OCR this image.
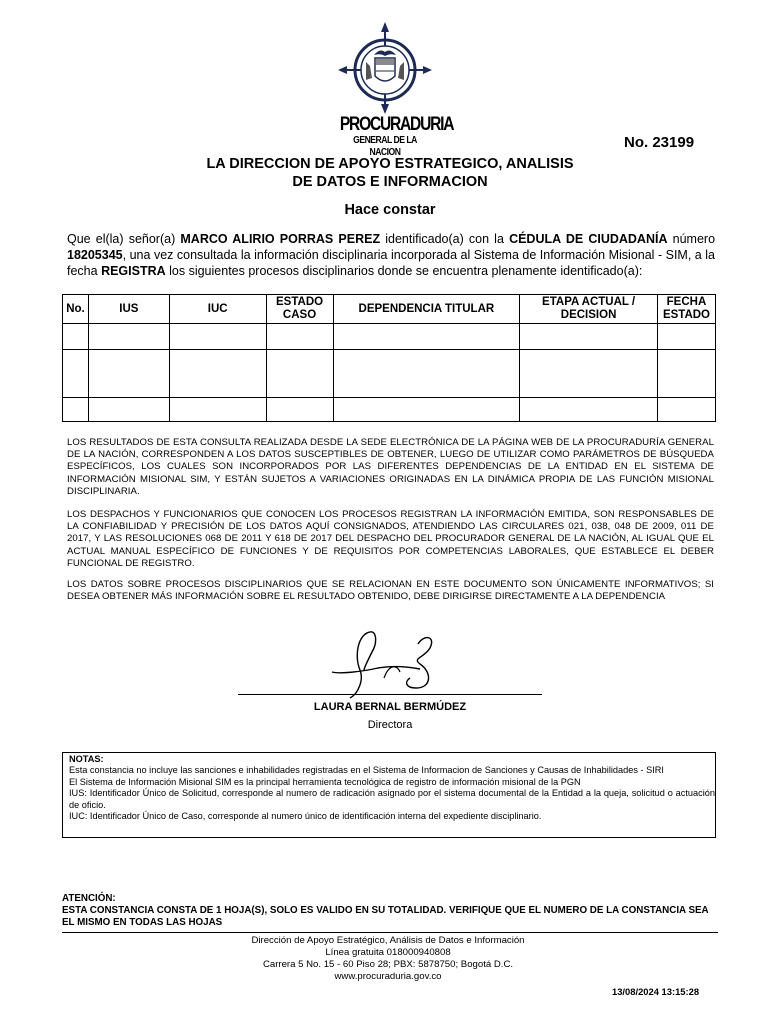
PROCURADURIA
GENERAL DE LA NACION
No. 23199
LA DIRECCION DE APOYO ESTRATEGICO, ANALISIS
DE DATOS E INFORMACION
Hace constar
Que el(la) señor(a) MARCO ALIRIO PORRAS PEREZ identificado(a) con la CÉDULA DE CIUDADANÍA número 18205345, una vez consultada la información disciplinaria incorporada al Sistema de Información Misional - SIM, a la fecha REGISTRA los siguientes procesos disciplinarios donde se encuentra plenamente identificado(a):
No.	IUS	IUC	ESTADO CASO	DEPENDENCIA TITULAR	ETAPA ACTUAL / DECISION	FECHA ESTADO

LOS RESULTADOS DE ESTA CONSULTA REALIZADA DESDE LA SEDE ELECTRÓNICA DE LA PÁGINA WEB DE LA PROCURADURÍA GENERAL DE LA NACIÓN, CORRESPONDEN A LOS DATOS SUSCEPTIBLES DE OBTENER, LUEGO DE UTILIZAR COMO PARÁMETROS DE BÚSQUEDA ESPECÍFICOS, LOS CUALES SON INCORPORADOS POR LAS DIFERENTES DEPENDENCIAS DE LA ENTIDAD EN EL SISTEMA DE INFORMACIÓN MISIONAL SIM, Y ESTÁN SUJETOS A VARIACIONES ORIGINADAS EN LA DINÁMICA PROPIA DE LAS FUNCIÓN MISIONAL DISCIPLINARIA.
LOS DESPACHOS Y FUNCIONARIOS QUE CONOCEN LOS PROCESOS REGISTRAN LA INFORMACIÓN EMITIDA, SON RESPONSABLES DE LA CONFIABILIDAD Y PRECISIÓN DE LOS DATOS AQUÍ CONSIGNADOS, ATENDIENDO LAS CIRCULARES 021, 038, 048 DE 2009, 011 DE 2017, Y LAS RESOLUCIONES 068 DE 2011 Y 618 DE 2017 DEL DESPACHO DEL PROCURADOR GENERAL DE LA NACIÓN, AL IGUAL QUE EL ACTUAL MANUAL ESPECÍFICO DE FUNCIONES Y DE REQUISITOS POR COMPETENCIAS LABORALES, QUE ESTABLECE EL DEBER FUNCIONAL DE REGISTRO.
LOS DATOS SOBRE PROCESOS DISCIPLINARIOS QUE SE RELACIONAN EN ESTE DOCUMENTO SON ÚNICAMENTE INFORMATIVOS; SI DESEA OBTENER MÁS INFORMACIÓN SOBRE EL RESULTADO OBTENIDO, DEBE DIRIGIRSE DIRECTAMENTE A LA DEPENDENCIA
LAURA BERNAL BERMÚDEZ
Directora
NOTAS:

Esta constancia no incluye las sanciones e inhabilidades registradas en el Sistema de Informacion de Sanciones y Causas de Inhabilidades - SIRI

El Sistema de Información Misional SIM es la principal herramienta tecnológica de registro de información misional de la PGN

IUS: Identificador Único de Solicitud, corresponde al numero de radicación asignado por el sistema documental de la Entidad a la queja, solicitud o actuación de oficio.

IUC: Identificador Único de Caso, corresponde al numero único de identificación interna del expediente disciplinario.

ATENCIÓN:
ESTA CONSTANCIA CONSTA DE 1 HOJA(S), SOLO ES VALIDO EN SU TOTALIDAD. VERIFIQUE QUE EL NUMERO DE LA CONSTANCIA SEA EL MISMO EN TODAS LAS HOJAS
Dirección de Apoyo Estratégico, Análisis de Datos e Información
Línea gratuita 018000940808
Carrera 5 No. 15 - 60 Piso 28; PBX: 5878750; Bogotá D.C.
www.procuraduria.gov.co
13/08/2024 13:15:28
